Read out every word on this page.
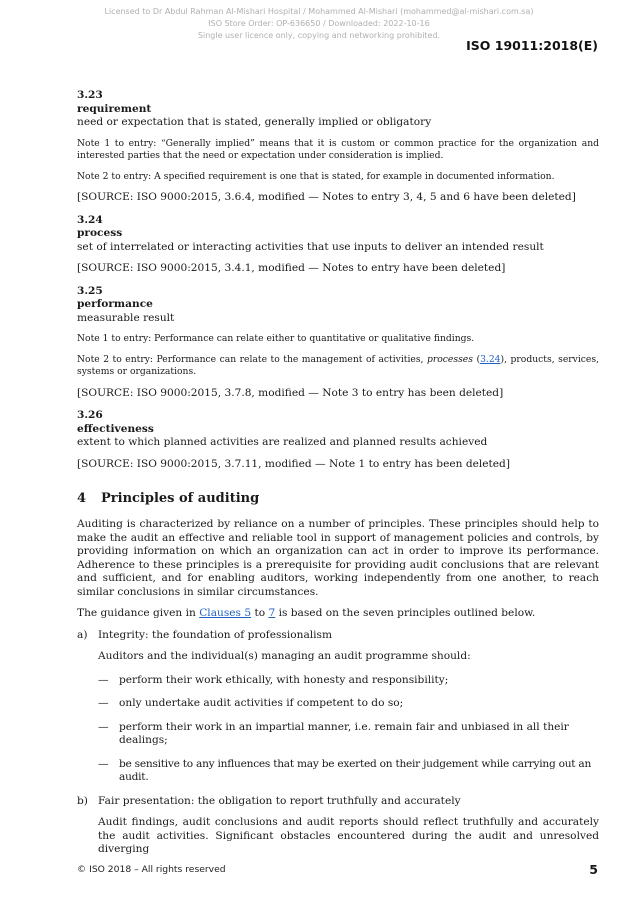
Licensed to Dr Abdul Rahman Al-Mishari Hospital / Mohammed Al-Mishari (mohammed@al-mishari.com.sa)
ISO Store Order: OP-636650 / Downloaded: 2022-10-16
Single user licence only, copying and networking prohibited.
ISO 19011:2018(E)

3.23

requirement

need or expectation that is stated, generally implied or obligatory

Note 1 to entry: “Generally implied” means that it is custom or common practice for the organization and interested parties that the need or expectation under consideration is implied.

Note 2 to entry: A specified requirement is one that is stated, for example in documented information.

[SOURCE: ISO 9000:2015, 3.6.4, modified — Notes to entry 3, 4, 5 and 6 have been deleted]

3.24

process

set of interrelated or interacting activities that use inputs to deliver an intended result

[SOURCE: ISO 9000:2015, 3.4.1, modified — Notes to entry have been deleted]

3.25

performance

measurable result

Note 1 to entry: Performance can relate either to quantitative or qualitative findings.

Note 2 to entry: Performance can relate to the management of activities, processes (3.24), products, services, systems or organizations.

[SOURCE: ISO 9000:2015, 3.7.8, modified — Note 3 to entry has been deleted]

3.26

effectiveness

extent to which planned activities are realized and planned results achieved

[SOURCE: ISO 9000:2015, 3.7.11, modified — Note 1 to entry has been deleted]

4	Principles of auditing

Auditing is characterized by reliance on a number of principles. These principles should help to make the audit an effective and reliable tool in support of management policies and controls, by providing information on which an organization can act in order to improve its performance. Adherence to these principles is a prerequisite for providing audit conclusions that are relevant and sufficient, and for enabling auditors, working independently from one another, to reach similar conclusions in similar circumstances.

The guidance given in Clauses 5 to 7 is based on the seven principles outlined below.

a) Integrity: the foundation of professionalism

Auditors and the individual(s) managing an audit programme should:

— perform their work ethically, with honesty and responsibility;
— only undertake audit activities if competent to do so;
— perform their work in an impartial manner, i.e. remain fair and unbiased in all their dealings;
—	be sensitive to any influences that may be exerted on their judgement while carrying out an audit.
b) Fair presentation: the obligation to report truthfully and accurately

Audit findings, audit conclusions and audit reports should reflect truthfully and accurately the audit activities. Significant obstacles encountered during the audit and unresolved diverging

© ISO 2018 – All rights reserved	5
